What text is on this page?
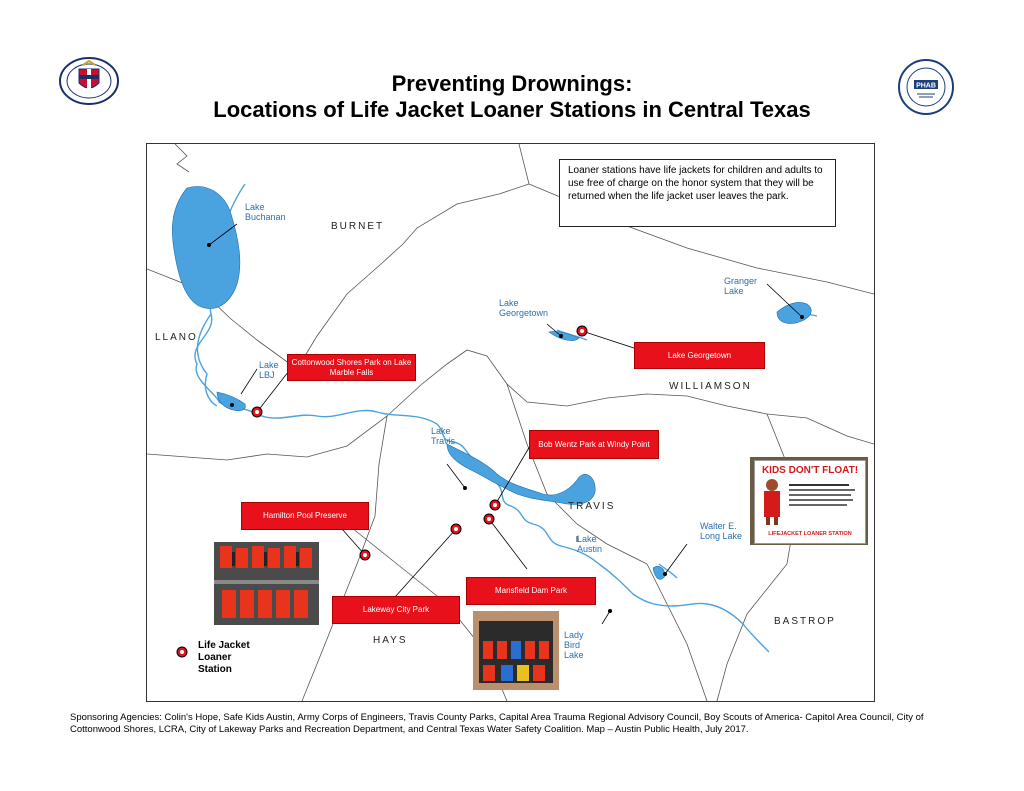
Preventing Drownings:
Locations of Life Jacket Loaner Stations in Central Texas
PHAB
BURNET
LLANO
WILLIAMSON
TRAVIS
HAYS
BASTROP
Lake Buchanan
Lake LBJ
Lake Georgetown
Granger Lake
Lake Travis
Lake Austin
Walter E. Long Lake
Lady Bird Lake
Cottonwood Shores Park on Lake Marble Falls
Lake Georgetown
Bob Wentz Park at Windy Point
Hamilton Pool Preserve
Lakeway City Park
Mansfield Dam Park
Loaner stations have life jackets for children and adults to use free of charge on the honor system that they will be returned when the life jacket user leaves the park.
Life Jacket Loaner Station
KIDS DON'T FLOAT!
LIFEJACKET LOANER STATION
Sponsoring Agencies: Colin's Hope, Safe Kids Austin, Army Corps of Engineers, Travis County Parks, Capital Area Trauma Regional Advisory Council, Boy Scouts of America- Capitol Area Council, City of Cottonwood Shores, LCRA, City of Lakeway Parks and Recreation Department, and Central Texas Water Safety Coalition. Map – Austin Public Health, July 2017.
